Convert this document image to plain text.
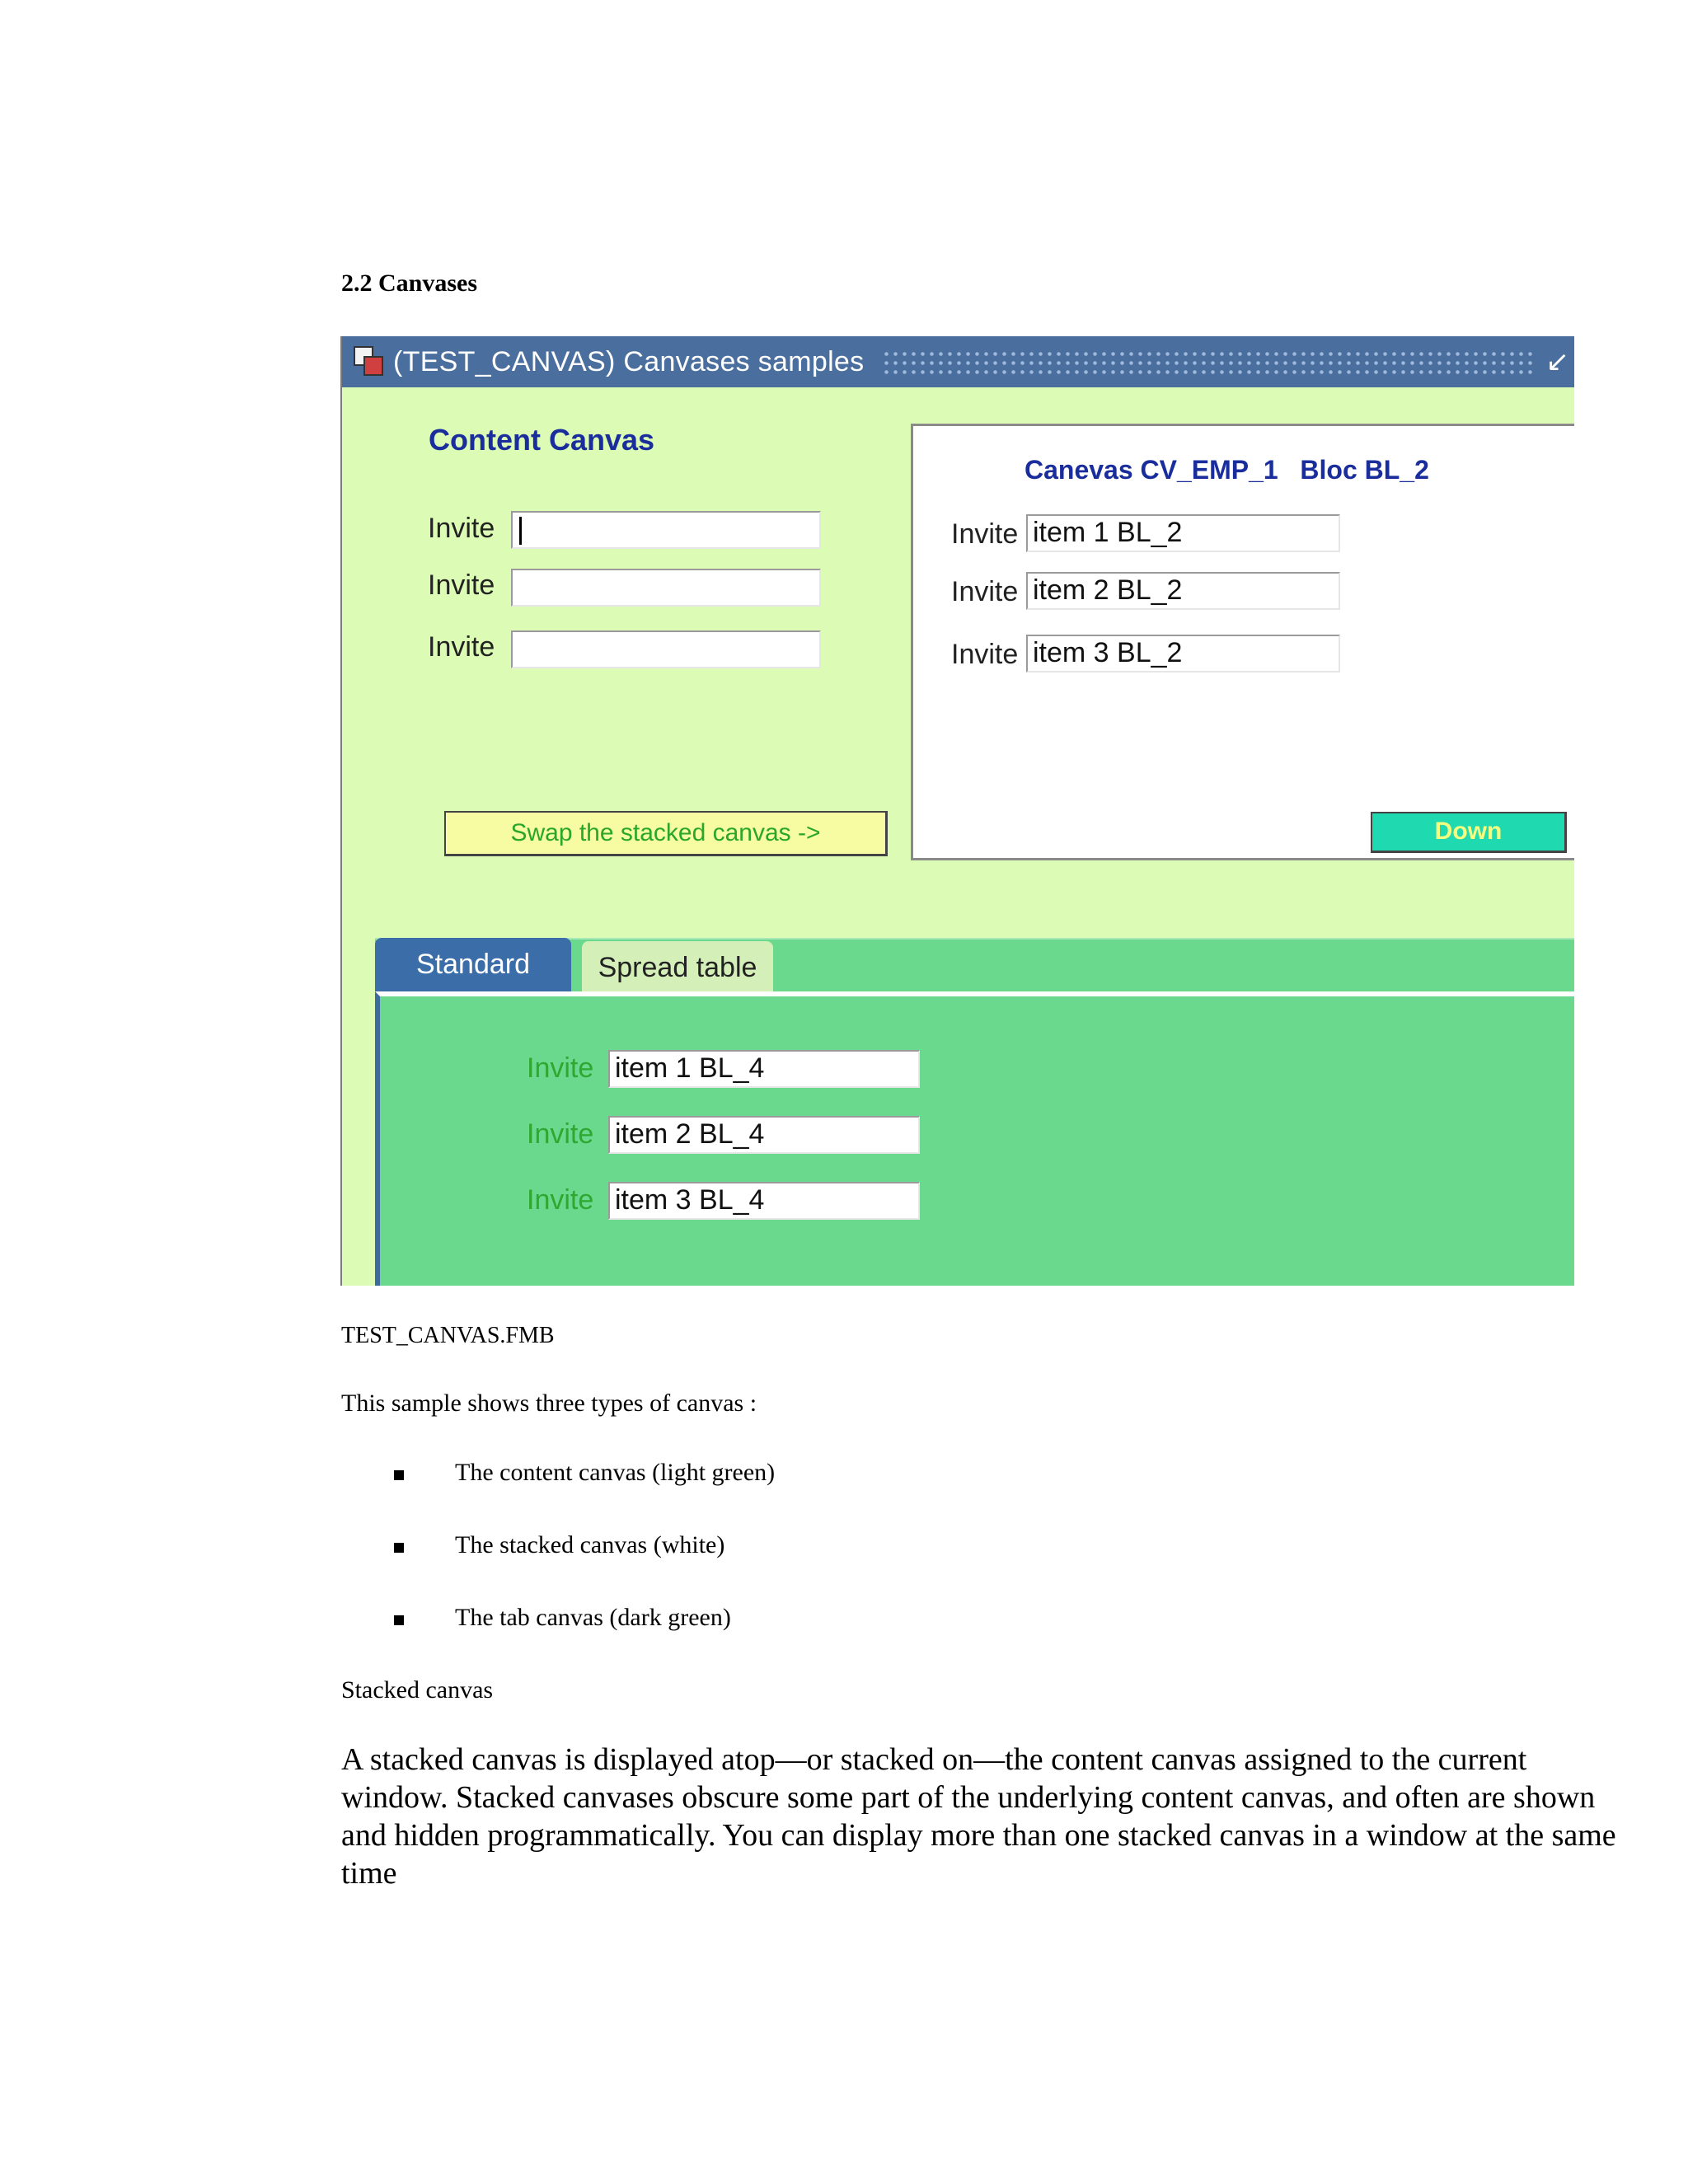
2.2 Canvases
(TEST_CANVAS) Canvases samples	↙
Content Canvas
Invite
Invite
Invite
Swap the stacked canvas ->
Canevas CV_EMP_1   Bloc BL_2
Invite item 1 BL_2
Invite item 2 BL_2
Invite item 3 BL_2
Down
Standard	Spread table
Invite item 1 BL_4
Invite item 2 BL_4
Invite item 3 BL_4
TEST_CANVAS.FMB
This sample shows three types of canvas :
The content canvas (light green)
The stacked canvas (white)
The tab canvas (dark green)
Stacked canvas
A stacked canvas is displayed atop—or stacked on—the content canvas assigned to the current window. Stacked canvases obscure some part of the underlying content canvas, and often are shown and hidden programmatically. You can display more than one stacked canvas in a window at the same time
